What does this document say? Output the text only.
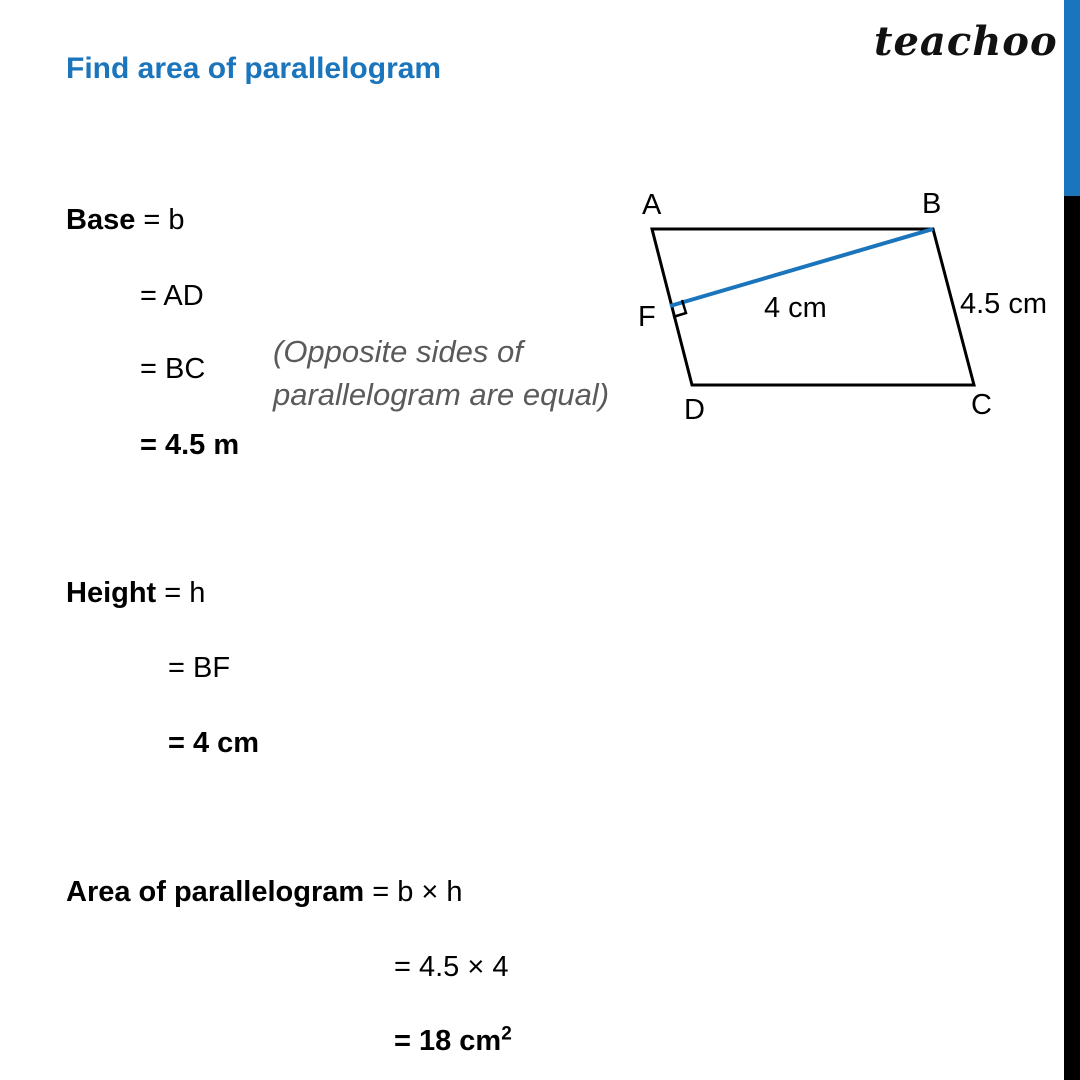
teachoo
Find area of parallelogram
Base = b
= AD
= BC
= 4.5 m
(Opposite sides of
parallelogram are equal)
Height = h
= BF
= 4 cm
Area of parallelogram = b × h
= 4.5 × 4
= 18 $cm^2$
A	B
C
D
F	4 cm	4.5 cm
